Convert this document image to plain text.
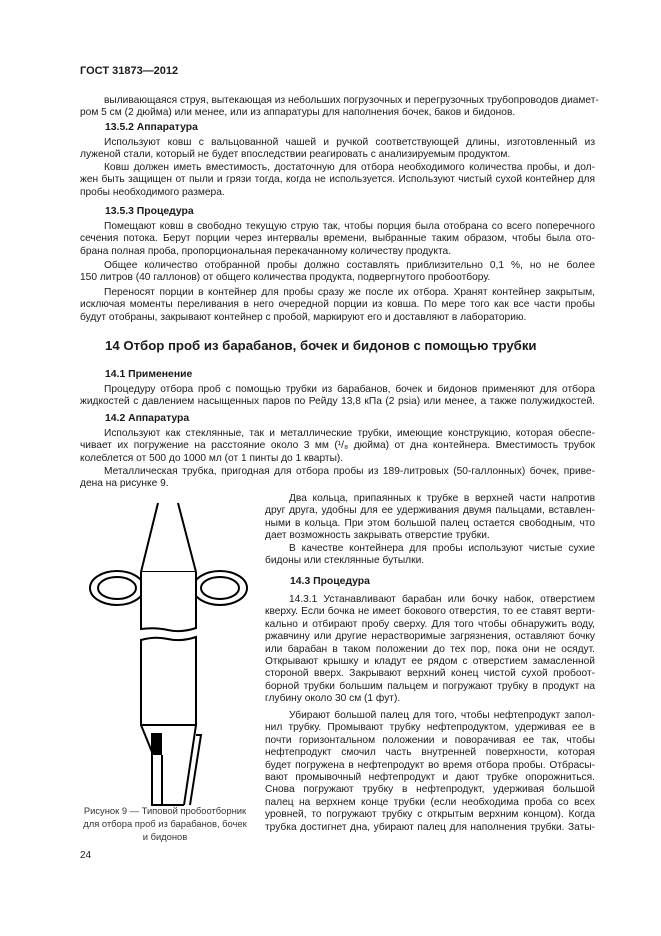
ГОСТ 31873—2012
выливающаяся струя, вытекающая из небольших погрузочных и перегрузочных трубопроводов диамет-
ром 5 см (2 дюйма) или менее, или из аппаратуры для наполнения бочек, баков и бидонов.
13.5.2 Аппаратура
Используют ковш с вальцованной чашей и ручкой соответствующей длины, изготовленный из
луженой стали, который не будет впоследствии реагировать с анализируемым продуктом.
Ковш должен иметь вместимость, достаточную для отбора необходимого количества пробы, и дол-
жен быть защищен от пыли и грязи тогда, когда не используется. Используют чистый сухой контейнер для
пробы необходимого размера.
13.5.3 Процедура
Помещают ковш в свободно текущую струю так, чтобы порция была отобрана со всего поперечного
сечения потока. Берут порции через интервалы времени, выбранные таким образом, чтобы была ото-
брана полная проба, пропорциональная перекачанному количеству продукта.
Общее количество отобранной пробы должно составлять приблизительно 0,1 %, но не более
150 литров (40 галлонов) от общего количества продукта, подвергнутого пробоотбору.
Переносят порции в контейнер для пробы сразу же после их отбора. Хранят контейнер закрытым,
исключая моменты переливания в него очередной порции из ковша. По мере того как все части пробы
будут отобраны, закрывают контейнер с пробой, маркируют его и доставляют в лабораторию.
14 Отбор проб из барабанов, бочек и бидонов с помощью трубки
14.1 Применение
Процедуру отбора проб с помощью трубки из барабанов, бочек и бидонов применяют для отбора
жидкостей с давлением насыщенных паров по Рейду 13,8 кПа (2 psia) или менее, а также полужидкостей.
14.2 Аппаратура
Используют как стеклянные, так и металлические трубки, имеющие конструкцию, которая обеспе-
чивает их погружение на расстояние около 3 мм (¹/₈ дюйма) от дна контейнера. Вместимость трубок
колеблется от 500 до 1000 мл (от 1 пинты до 1 кварты).
Металлическая трубка, пригодная для отбора пробы из 189-литровых (50-галлонных) бочек, приве-
дена на рисунке 9.
Два кольца, припаянных к трубке в верхней части напротив
друг друга, удобны для ее удерживания двумя пальцами, вставлен-
ными в кольца. При этом большой палец остается свободным, что
дает возможность закрывать отверстие трубки.
В качестве контейнера для пробы используют чистые сухие
бидоны или стеклянные бутылки.
14.3 Процедура
14.3.1 Устанавливают барабан или бочку набок, отверстием
кверху. Если бочка не имеет бокового отверстия, то ее ставят верти-
кально и отбирают пробу сверху. Для того чтобы обнаружить воду,
ржавчину или другие нерастворимые загрязнения, оставляют бочку
или барабан в таком положении до тех пор, пока они не осядут.
Открывают крышку и кладут ее рядом с отверстием замасленной
стороной вверх. Закрывают верхний конец чистой сухой пробоот-
борной трубки большим пальцем и погружают трубку в продукт на
глубину около 30 см (1 фут).
Убирают большой палец для того, чтобы нефтепродукт запол-
нил трубку. Промывают трубку нефтепродуктом, удерживая ее в
почти горизонтальном положении и поворачивая ее так, чтобы
нефтепродукт смочил часть внутренней поверхности, которая
будет погружена в нефтепродукт во время отбора пробы. Отбрасы-
вают промывочный нефтепродукт и дают трубке опорожниться.
Снова погружают трубку в нефтепродукт, удерживая большой
палец на верхнем конце трубки (если необходима проба со всех
уровней, то погружают трубку с открытым верхним концом). Когда
трубка достигнет дна, убирают палец для наполнения трубки. Заты-
Рисунок 9 — Типовой пробоотборник
для отбора проб из барабанов, бочек
и бидонов
24
